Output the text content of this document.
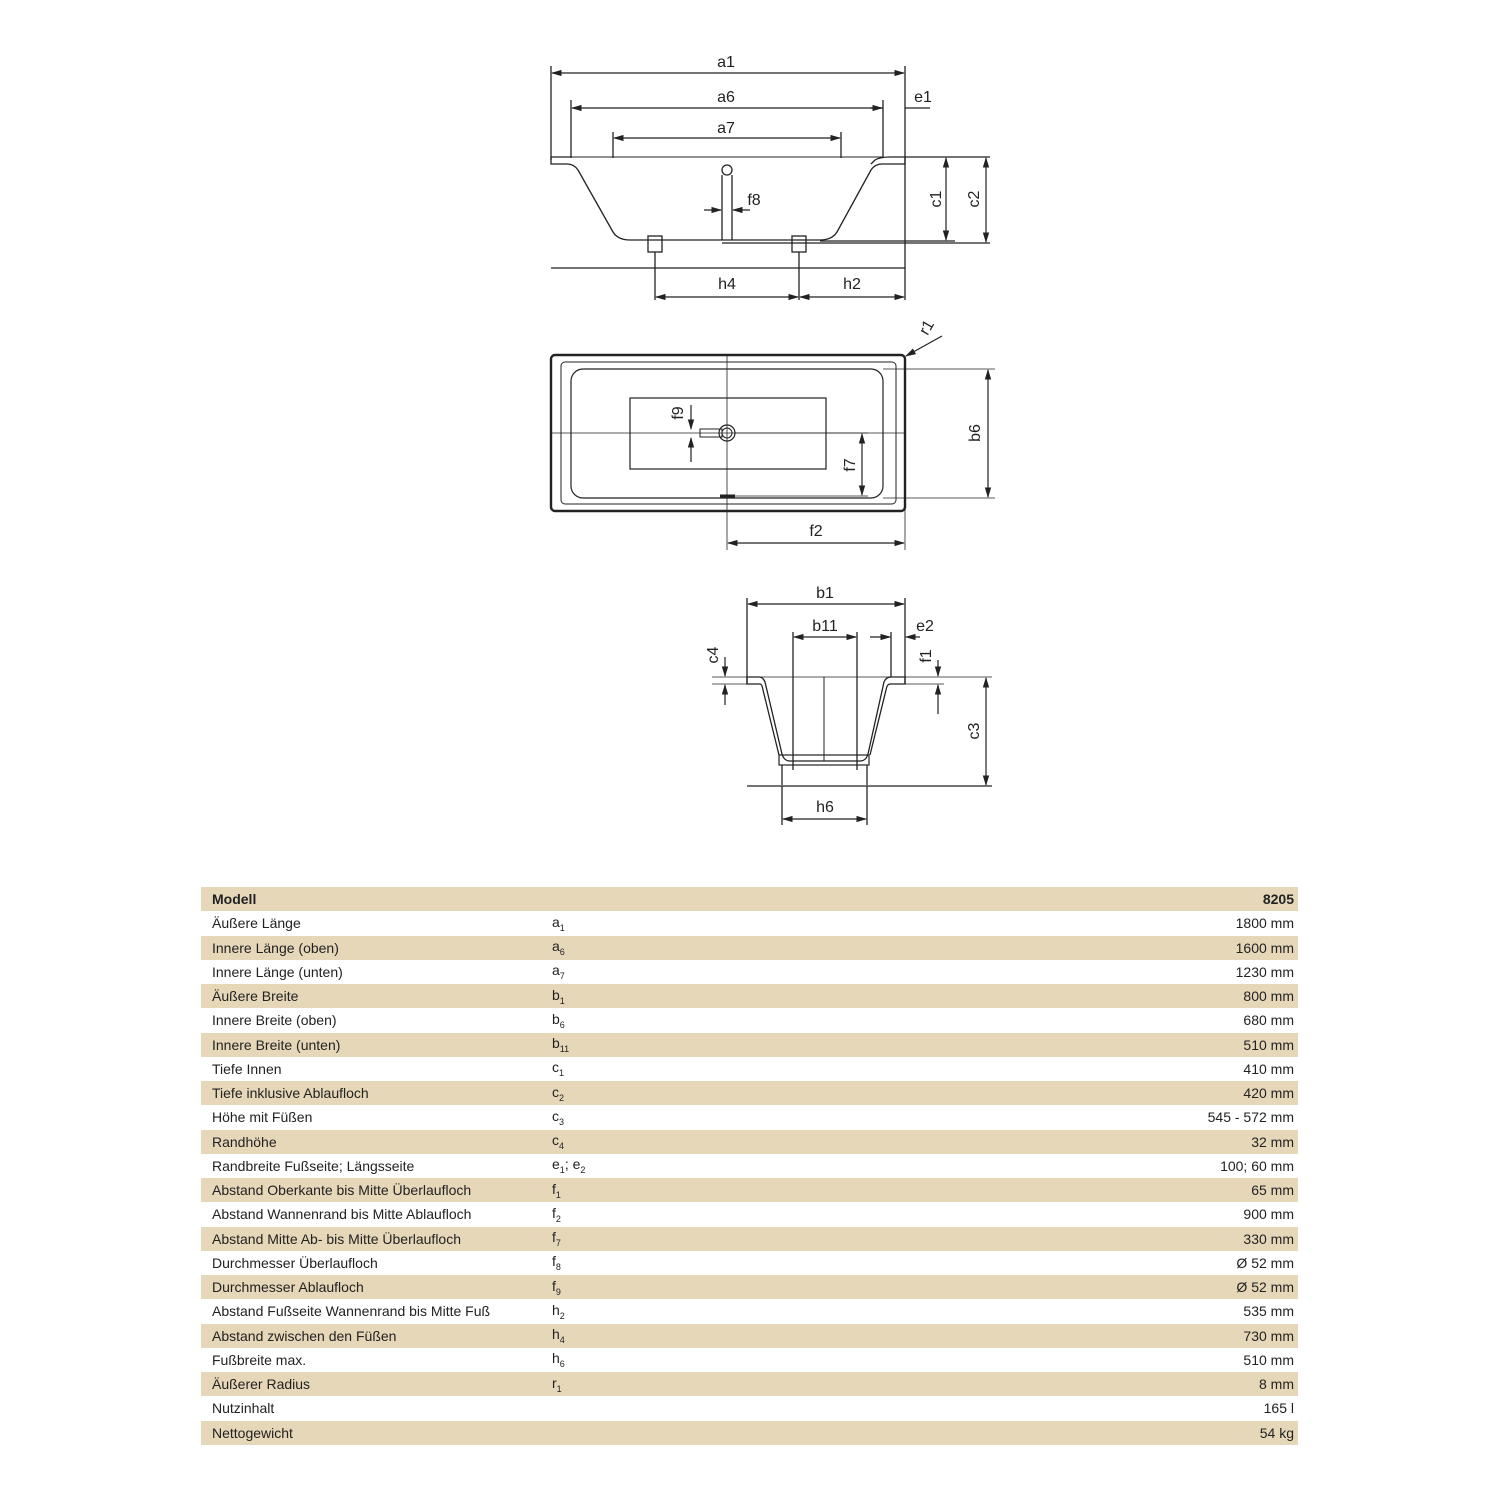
a1
a6
a7
e1
f8	c1 c2
h4	h2
r1
f9
b6
f7
f2
b1
b11	e2
c4	f1
c3
h6
Modell		8205
Äußere Länge	$a_1$	1800 mm
Innere Länge (oben)	$a_6$	1600 mm
Innere Länge (unten)	$a_7$	1230 mm
Äußere Breite	$b_1$	800 mm
Innere Breite (oben)	$b_6$	680 mm
Innere Breite (unten)	$b_{11}$	510 mm
Tiefe Innen	$c_1$	410 mm
Tiefe inklusive Ablaufloch	$c_2$	420 mm
Höhe mit Füßen	$c_3$	545 - 572 mm
Randhöhe	$c_4$	32 mm
Randbreite Fußseite; Längsseite	$e_1$; $e_2$	100; 60 mm
Abstand Oberkante bis Mitte Überlaufloch	$f_1$	65 mm
Abstand Wannenrand bis Mitte Ablaufloch	$f_2$	900 mm
Abstand Mitte Ab- bis Mitte Überlaufloch	$f_7$	330 mm
Durchmesser Überlaufloch	$f_8$	Ø 52 mm
Durchmesser Ablaufloch	$f_9$	Ø 52 mm
Abstand Fußseite Wannenrand bis Mitte Fuß	$h_2$	535 mm
Abstand zwischen den Füßen	$h_4$	730 mm
Fußbreite max.	$h_6$	510 mm
Äußerer Radius	$r_1$	8 mm
Nutzinhalt		165 l
Nettogewicht		54 kg
